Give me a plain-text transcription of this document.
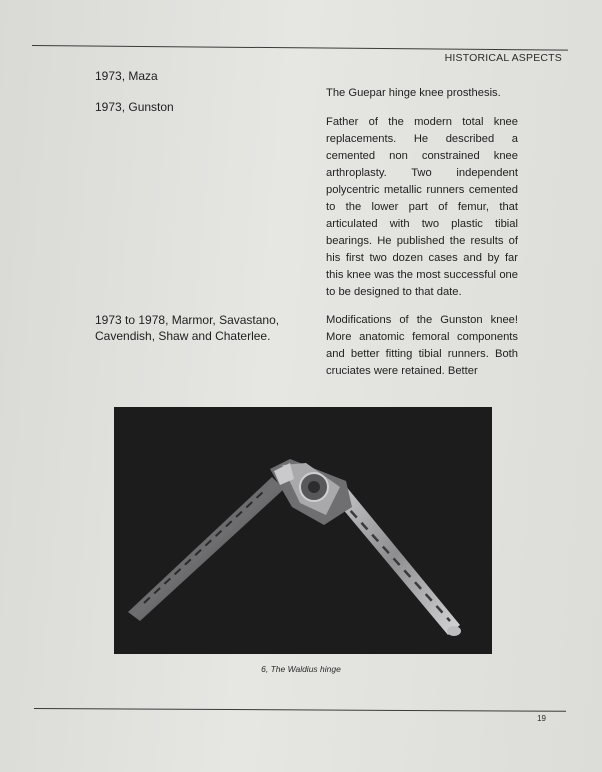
HISTORICAL ASPECTS
1973, Maza

The Guepar hinge knee prosthesis.

1973, Gunston

Father of the modern total knee replacements. He described a cemented non constrained knee arthroplasty. Two independent polycentric metallic runners cemented to the lower part of femur, that articulated with two plastic tibial bearings. He published the results of his first two dozen cases and by far this knee was the most successful one to be designed to that date.

1973 to 1978, Marmor, Savastano, Cavendish, Shaw and Chaterlee.

Modifications of the Gunston knee! More anatomic femoral components and better fitting tibial runners. Both cruciates were retained. Better

6, The Waldius hinge
19
